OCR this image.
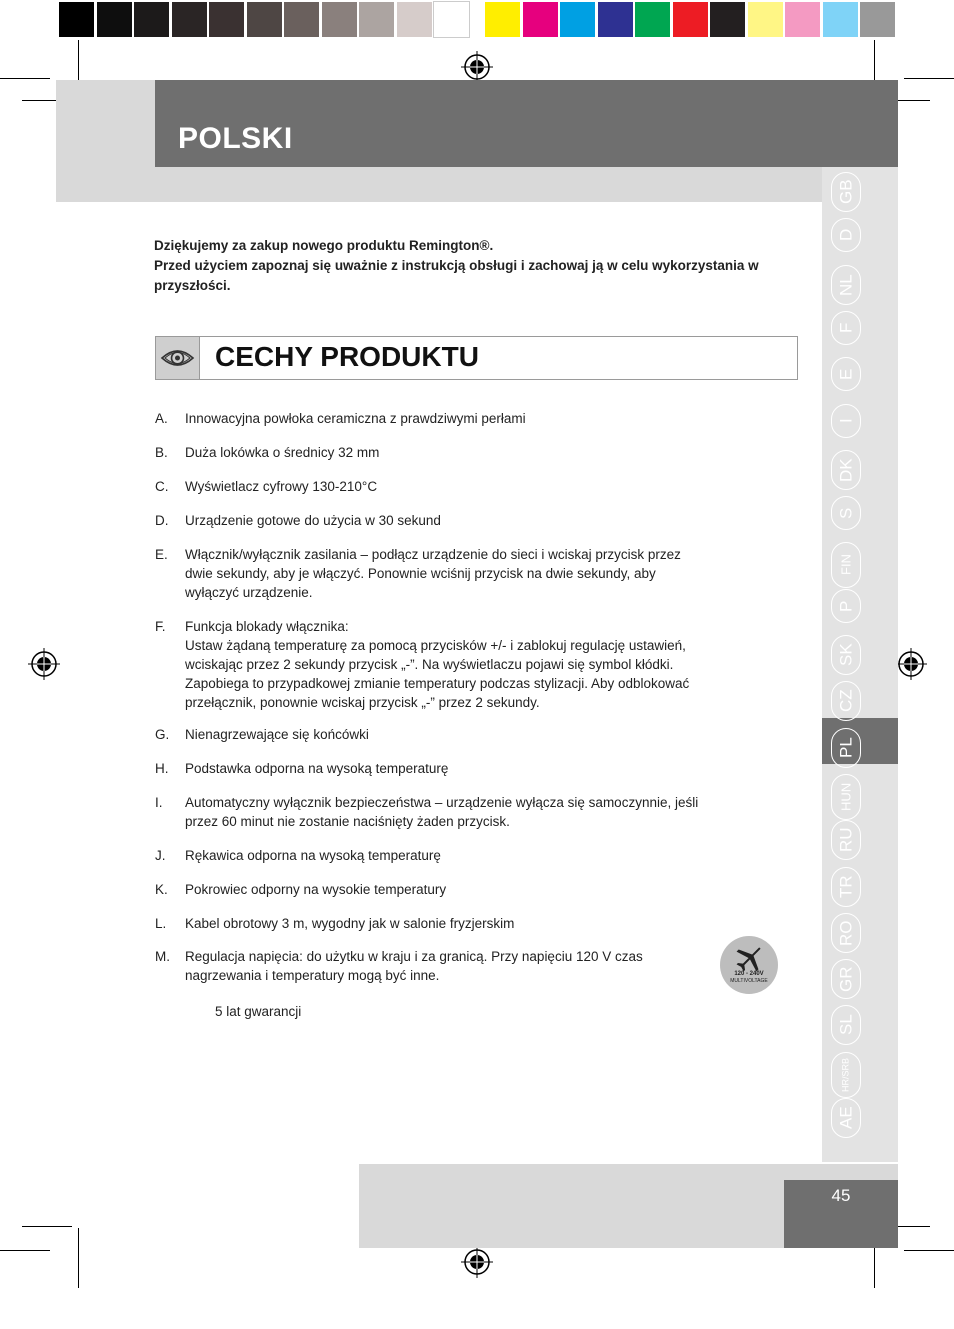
POLSKI
GB
D
NL
F
E
I
DK
S
FIN
P
SK
CZ
PL
HUN
RU
TR
RO
GR
SL
HR/SRB
AE
Dziękujemy za zakup nowego produktu Remington®.
Przed użyciem zapoznaj się uważnie z instrukcją obsługi i zachowaj ją w celu wykorzystania w przyszłości.
CECHY PRODUKTU
A. Innowacyjna powłoka ceramiczna z prawdziwymi perłami
B. Duża lokówka o średnicy 32 mm
C. Wyświetlacz cyfrowy 130-210°C
D. Urządzenie gotowe do użycia w 30 sekund
E. Włącznik/wyłącznik zasilania – podłącz urządzenie do sieci i wciskaj przycisk przez
dwie sekundy, aby je włączyć. Ponownie wciśnij przycisk na dwie sekundy, aby
wyłączyć urządzenie.
F. Funkcja blokady włącznika:
Ustaw żądaną temperaturę za pomocą przycisków +/- i zablokuj regulację ustawień,
wciskając przez 2 sekundy przycisk „-”. Na wyświetlaczu pojawi się symbol kłódki.
Zapobiega to przypadkowej zmianie temperatury podczas stylizacji. Aby odblokować
przełącznik, ponownie wciskaj przycisk „-” przez 2 sekundy.
G. Nienagrzewające się końcówki
H. Podstawka odporna na wysoką temperaturę
I. Automatyczny wyłącznik bezpieczeństwa – urządzenie wyłącza się samoczynnie, jeśli
przez 60 minut nie zostanie naciśnięty żaden przycisk.
J. Rękawica odporna na wysoką temperaturę
K. Pokrowiec odporny na wysokie temperatury
L. Kabel obrotowy 3 m, wygodny jak w salonie fryzjerskim
M. Regulacja napięcia: do użytku w kraju i za granicą. Przy napięciu 120 V czas
nagrzewania i temperatury mogą być inne.	120 - 240V
MULTIVOLTAGE
5 lat gwarancji
45
